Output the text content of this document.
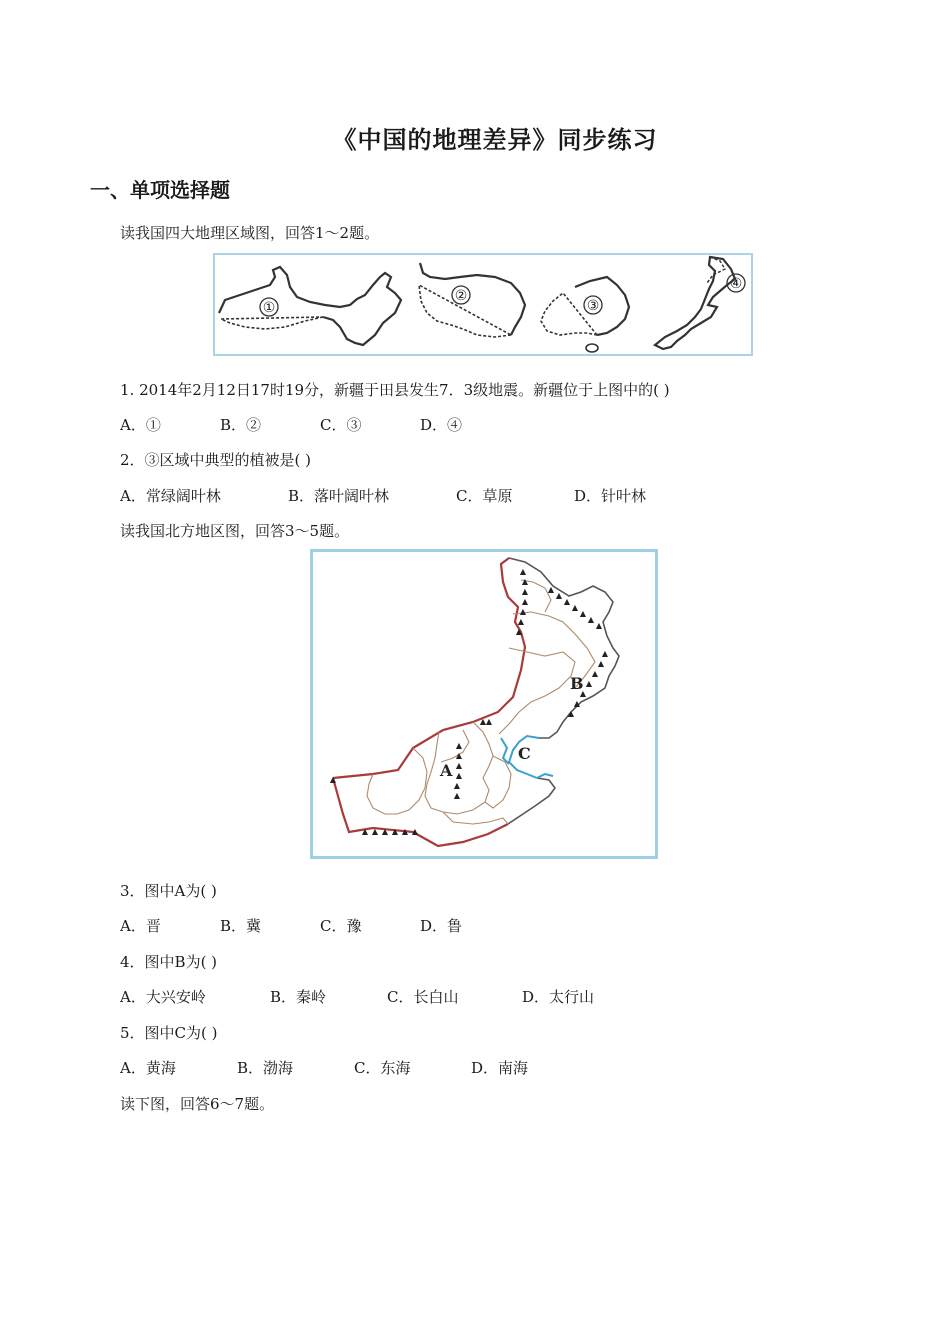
《中国的地理差异》同步练习
一、单项选择题
读我国四大地理区域图，回答1～2题。
①
②
③
④
1. 2014年2月12日17时19分，新疆于田县发生7．3级地震。新疆位于上图中的( )
A．①	B．②	C．③	D．④
2．③区域中典型的植被是( )
A．常绿阔叶林	B．落叶阔叶林	C．草原	D．针叶林
读我国北方地区图，回答3～5题。
▲
▲
▲
▲
▲
▲
▲
▲
▲
▲
▲
▲
▲
▲
▲
▲
▲
▲
▲
▲
▲
▲
▲
▲
▲
▲
▲
▲ ▲ ▲ ▲ ▲ ▲
▲
▲ ▲
A
B
C
3．图中A为( )
A．晋	B．冀	C．豫	D．鲁
4．图中B为( )
A．大兴安岭	B．秦岭	C．长白山	D．太行山
5．图中C为( )
A．黄海	B．渤海	C．东海	D．南海
读下图，回答6～7题。
